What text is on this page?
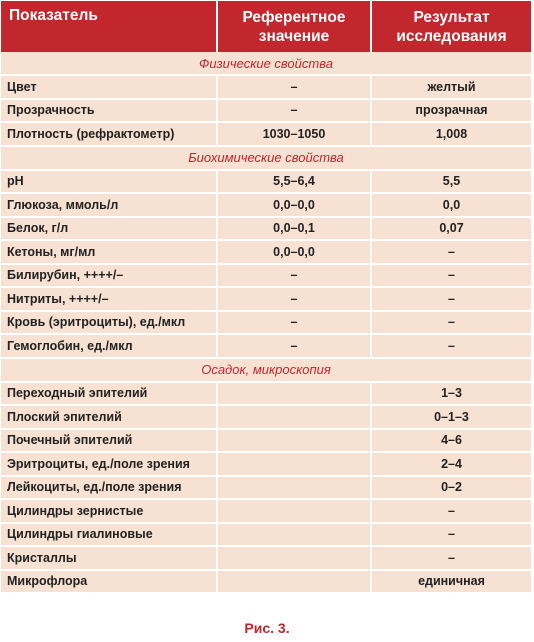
Показатель	Референтное значение	Результат исследования
Физические свойства		
Цвет	–	желтый
Прозрачность	–	прозрачная
Плотность (рефрактометр)	1030–1050	1,008
Биохимические свойства		
pH	5,5–6,4	5,5
Глюкоза, ммоль/л	0,0–0,0	0,0
Белок, г/л	0,0–0,1	0,07
Кетоны, мг/мл	0,0–0,0	–
Билирубин, ++++/–	–	–
Нитриты, ++++/–	–	–
Кровь (эритроциты), ед./мкл	–	–
Гемоглобин, ед./мкл	–	–
Осадок, микроскопия		
Переходный эпителий		1–3
Плоский эпителий		0–1–3
Почечный эпителий		4–6
Эритроциты, ед./поле зрения		2–4
Лейкоциты, ед./поле зрения		0–2
Цилиндры зернистые		–
Цилиндры гиалиновые		–
Кристаллы		–
Микрофлора		единичная
Рис. 3.
